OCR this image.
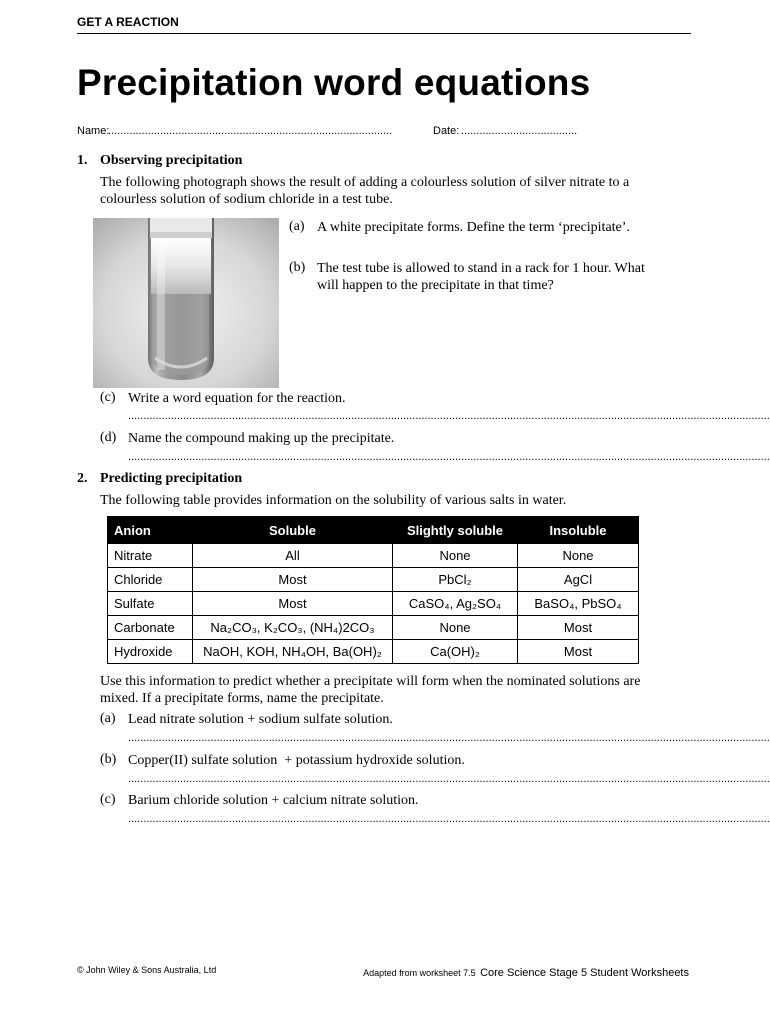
GET A REACTION
Precipitation word equations
Name:
.............................................................................................	Date: ......................................
1. Observing precipitation
The following photograph shows the result of adding a colourless solution of silver nitrate to a
colourless solution of sodium chloride in a test tube.
(a) A white precipitate forms. Define the term ‘precipitate’.
(b) The test tube is allowed to stand in a rack for 1 hour. What
will happen to the precipitate in that time?
(c) Write a word equation for the reaction.
..................................................................................................................................................................................................................
(d) Name the compound making up the precipitate.
..................................................................................................................................................................................................................
2. Predicting precipitation
The following table provides information on the solubility of various salts in water.
Anion	Soluble	Slightly soluble	Insoluble
Nitrate	All	None	None
Chloride	Most	PbCl₂	AgCl
Sulfate	Most	CaSO₄, Ag₂SO₄	BaSO₄, PbSO₄
Carbonate	Na₂CO₃, K₂CO₃, (NH₄)2CO₃	None	Most
Hydroxide	NaOH, KOH, NH₄OH, Ba(OH)₂	Ca(OH)₂	Most
Use this information to predict whether a precipitate will form when the nominated solutions are
mixed. If a precipitate forms, name the precipitate.
(a) Lead nitrate solution + sodium sulfate solution.
..................................................................................................................................................................................................................
(b) Copper(II) sulfate solution  + potassium hydroxide solution.
..................................................................................................................................................................................................................
(c) Barium chloride solution + calcium nitrate solution.
..................................................................................................................................................................................................................
© John Wiley & Sons Australia, Ltd	Adapted from worksheet 7.5 Core Science Stage 5 Student Worksheets
